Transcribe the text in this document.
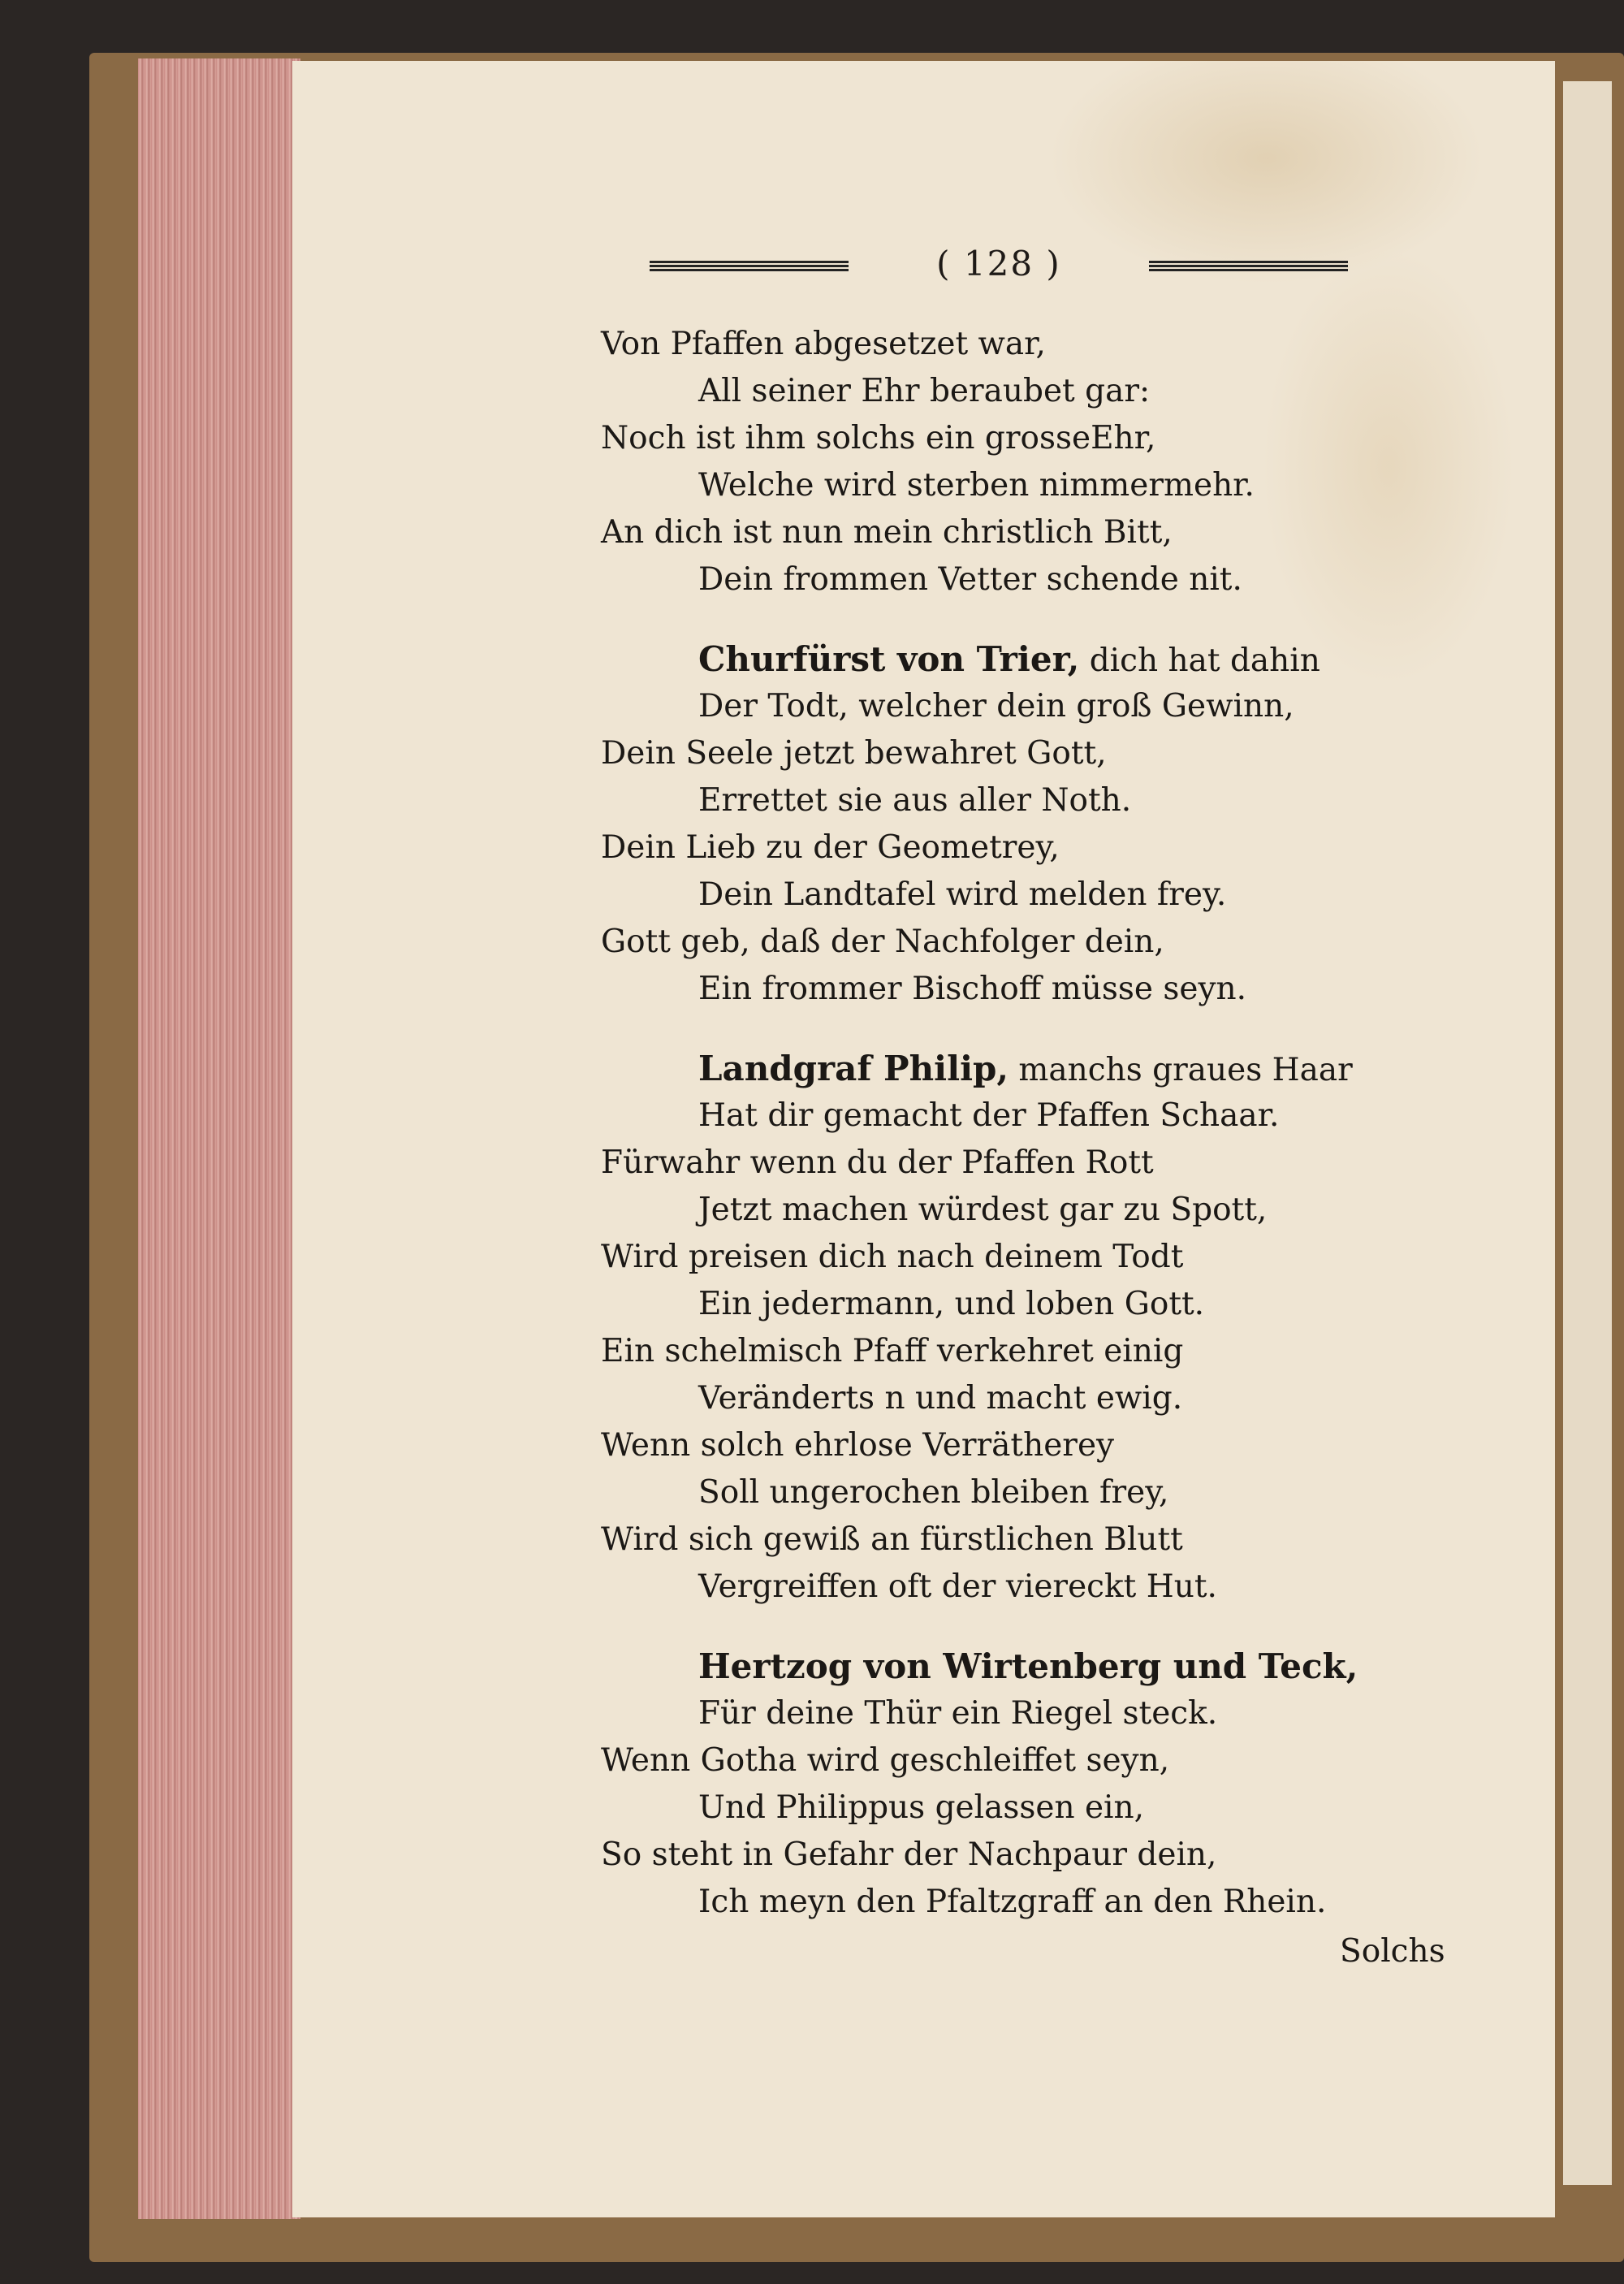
( 128 )
Von Pfaffen abgesetzet war,
All seiner Ehr beraubet gar:
Noch ist ihm solchs ein grosseEhr,
Welche wird sterben nimmermehr.
An dich ist nun mein christlich Bitt,
Dein frommen Vetter schende nit.
Churfürst von Trier, dich hat dahin
Der Todt, welcher dein groß Gewinn,
Dein Seele jetzt bewahret Gott,
Errettet sie aus aller Noth.
Dein Lieb zu der Geometrey,
Dein Landtafel wird melden frey.
Gott geb, daß der Nachfolger dein,
Ein frommer Bischoff müsse seyn.
Landgraf Philip, manchs graues Haar
Hat dir gemacht der Pfaffen Schaar.
Fürwahr wenn du der Pfaffen Rott
Jetzt machen würdest gar zu Spott,
Wird preisen dich nach deinem Todt
Ein jedermann, und loben Gott.
Ein schelmisch Pfaff verkehret einig
Veränderts n und macht ewig.
Wenn solch ehrlose Verrätherey
Soll ungerochen bleiben frey,
Wird sich gewiß an fürstlichen Blutt
Vergreiffen oft der viereckt Hut.
Hertzog von Wirtenberg und Teck,
Für deine Thür ein Riegel steck.
Wenn Gotha wird geschleiffet seyn,
Und Philippus gelassen ein,
So steht in Gefahr der Nachpaur dein,
Ich meyn den Pfaltzgraff an den Rhein.
Solchs
